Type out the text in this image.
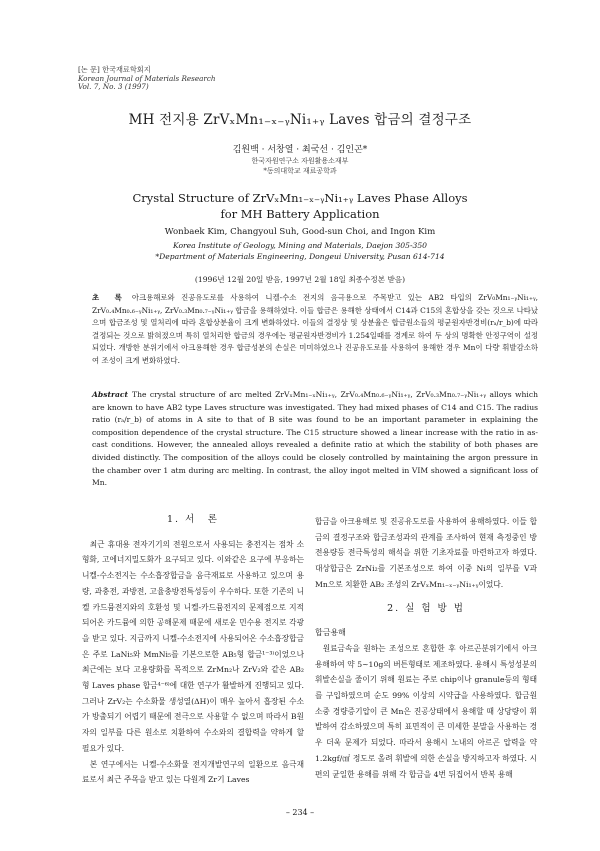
[논 문] 한국재료학회지
Korean Journal of Materials Research
Vol. 7, No. 3 (1997)
MH 전지용 ZrVₓMn₁₋ₓ₋ᵧNi₁₊ᵧ Laves 합금의 결정구조
김원백 · 서창열 · 최국선 · 김인곤*
한국자원연구소 자원활용소재부
*동의대학교 재료공학과
Crystal Structure of ZrVₓMn₁₋ₓ₋ᵧNi₁₊ᵧ Laves Phase Alloys
for MH Battery Application
Wonbaek Kim, Changyoul Suh, Good-sun Choi, and Ingon Kim
Korea Institute of Geology, Mining and Materials, Daejon 305-350
*Department of Materials Engineering, Dongeui University, Pusan 614-714
(1996년 12월 20일 받음, 1997년 2월 18일 최종수정본 받음)
초　록 아크용해로와 진공유도로를 사용하여 니켈-수소 전지의 음극용으로 주목받고 있는 AB2 타입의 ZrV₀Mn₁₋ᵧNi₁₊ᵧ, ZrV₀.₄Mn₀.₆₋ᵧNi₁₊ᵧ, ZrV₀.₃Mn₀.₇₋ᵧNi₁₊ᵧ 합금을 용해하였다. 이들 합금은 용해한 상태에서 C14과 C15의 혼합상을 갖는 것으로 나타났으며 합금조성 및 열처리에 따라 혼합상분율이 크게 변화하였다. 이들의 결정상 및 상분율은 합금원소들의 평균원자반경비(rₐ/r_b)에 따라 결정되는 것으로 밝혀졌으며 특히 열처리한 합금의 경우에는 평균원자반경비가 1.254일때를 경계로 하여 두 상의 명확한 안정구역이 설정되었다. 개방한 분위기에서 아크용해한 경우 합금성분의 손실은 미미하였으나 진공유도로를 사용하여 용해한 경우 Mn이 다량 휘발감소하여 조성이 크게 변화하였다.
Abstract The crystal structure of arc melted ZrVₓMn₁₋ₓNi₁₊ᵧ, ZrV₀.₄Mn₀.₆₋ᵧNi₁₊ᵧ, ZrV₀.₃Mn₀.₇₋ᵧNi₁₊ᵧ alloys which are known to have AB2 type Laves structure was investigated. They had mixed phases of C14 and C15. The radius ratio (rₐ/r_b) of atoms in A site to that of B site was found to be an important parameter in explaining the composition dependence of the crystal structure. The C15 structure showed a linear increase with the ratio in as-cast conditions. However, the annealed alloys revealed a definite ratio at which the stability of both phases are divided distinctly. The composition of the alloys could be closely controlled by maintaining the argon pressure in the chamber over 1 atm during arc melting. In contrast, the alloy ingot melted in VIM showed a significant loss of Mn.
1. 서　론

최근 휴대용 전자기기의 전원으로서 사용되는 충전지는 점차 소형화, 고에너지밀도화가 요구되고 있다. 이와같은 요구에 부응하는 니켈-수소전지는 수소흡장합금을 음극재료로 사용하고 있으며 용량, 과충전, 과방전, 고율충방전특성등이 우수하다. 또한 기존의 니켈 카드뮴전지와의 호환성 및 니켈-카드뮴전지의 문제점으로 지적되어온 카드뮴에 의한 공해문제 때문에 새로운 민수용 전지로 각광을 받고 있다. 지금까지 니켈-수소전지에 사용되어온 수소흡장합금은 주로 LaNi₅와 MmNi₅를 기본으로한 AB₅형 합금¹⁻³⁾이었으나 최근에는 보다 고용량화를 목적으로 ZrMn₂나 ZrV₂와 같은 AB₂형 Laves phase 합금⁴⁻⁶⁾에 대한 연구가 활발하게 진행되고 있다. 그러나 ZrV₂는 수소화물 생성열(ΔH)이 매우 높아서 흡장된 수소가 방출되기 어렵기 때문에 전극으로 사용할 수 없으며 따라서 B원자의 일부를 다른 원소로 치환하여 수소와의 결합력을 약하게 할 필요가 있다.

본 연구에서는 니켈-수소화물 전지개발연구의 일환으로 음극재료로서 최근 주목을 받고 있는 다원계 Zr기 Laves

합금을 아크용해로 및 진공유도로를 사용하여 용해하였다. 이들 합금의 결정구조와 합금조성과의 관계를 조사하여 현재 측정중인 방전용량등 전극특성의 해석을 위한 기초자료를 마련하고자 하였다. 대상합금은 ZrNi₂를 기본조성으로 하여 이중 Ni의 일부를 V과 Mn으로 치환한 AB₂ 조성의 ZrVₓMn₁₋ₓ₋ᵧNi₁₊ᵧ이었다.

2. 실 험 방 법
합금용해

원료금속을 원하는 조성으로 혼합한 후 아르곤분위기에서 아크 용해하여 약 5~10g의 버튼형태로 제조하였다. 용해시 특성성분의 휘발손실을 줄이기 위해 원료는 주로 chip이나 granule등의 형태를 구입하였으며 순도 99% 이상의 시약급을 사용하였다. 합금원소중 경량증기압이 큰 Mn은 진공상태에서 용해할 때 상당량이 휘발하여 감소하였으며 특히 표면적이 큰 미세한 분말을 사용하는 경우 더욱 문제가 되었다. 따라서 용해시 노내의 아르곤 압력을 약 1.2kgf/㎠ 정도로 올려 휘발에 의한 손실을 방지하고자 하였다. 시편의 균일한 용해를 위해 각 합금을 4번 뒤집어서 반복 용해

– 234 –
